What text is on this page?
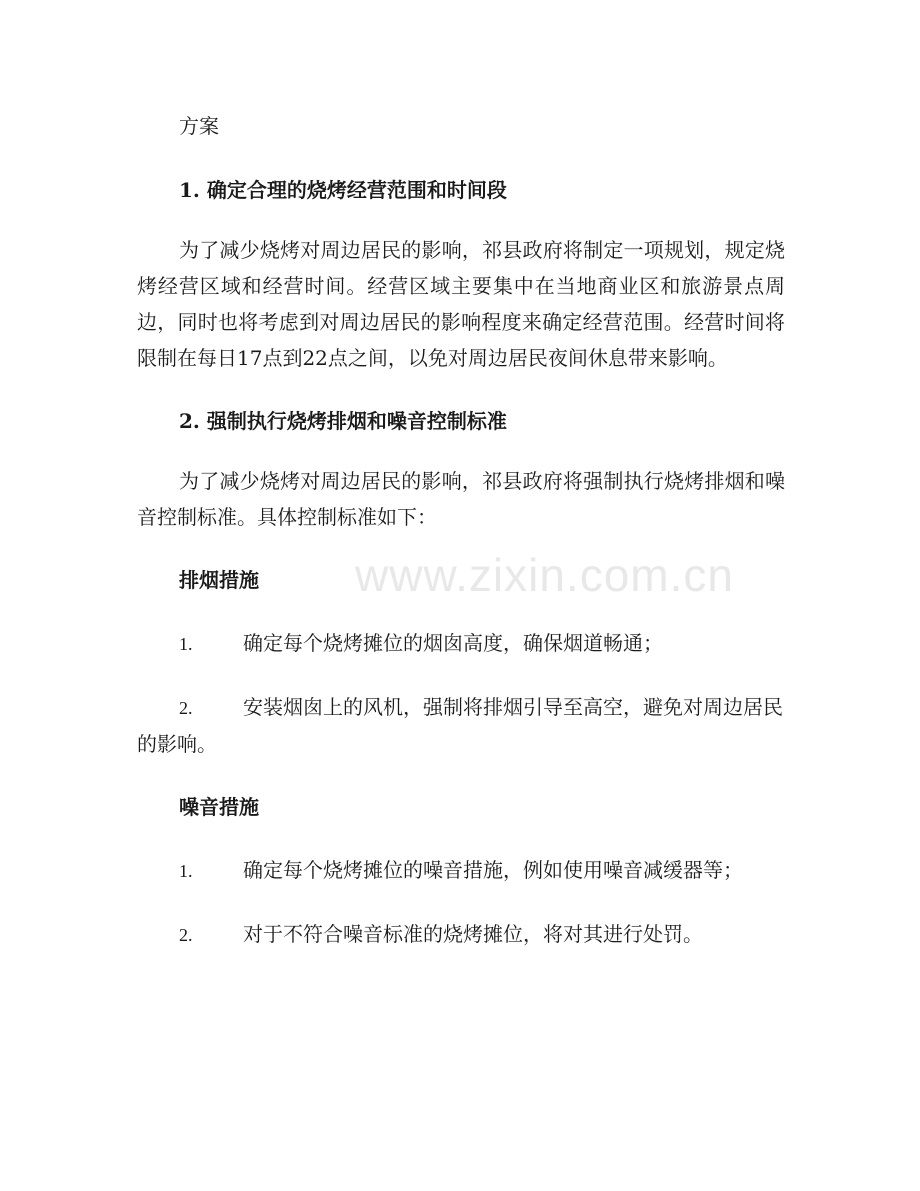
方案
1. 确定合理的烧烤经营范围和时间段

为了减少烧烤对周边居民的影响，祁县政府将制定一项规划，规定烧烤经营区域和经营时间。经营区域主要集中在当地商业区和旅游景点周边，同时也将考虑到对周边居民的影响程度来确定经营范围。经营时间将限制在每日17点到22点之间，以免对周边居民夜间休息带来影响。

2. 强制执行烧烤排烟和噪音控制标准

为了减少烧烤对周边居民的影响，祁县政府将强制执行烧烤排烟和噪音控制标准。具体控制标准如下：

排烟措施
1.	确定每个烧烤摊位的烟囱高度，确保烟道畅通；
2.	安装烟囱上的风机，强制将排烟引导至高空，避免对周边居民的影响。
噪音措施
1.	确定每个烧烤摊位的噪音措施，例如使用噪音减缓器等；
2.	对于不符合噪音标准的烧烤摊位，将对其进行处罚。
www.zixin.com.cn
